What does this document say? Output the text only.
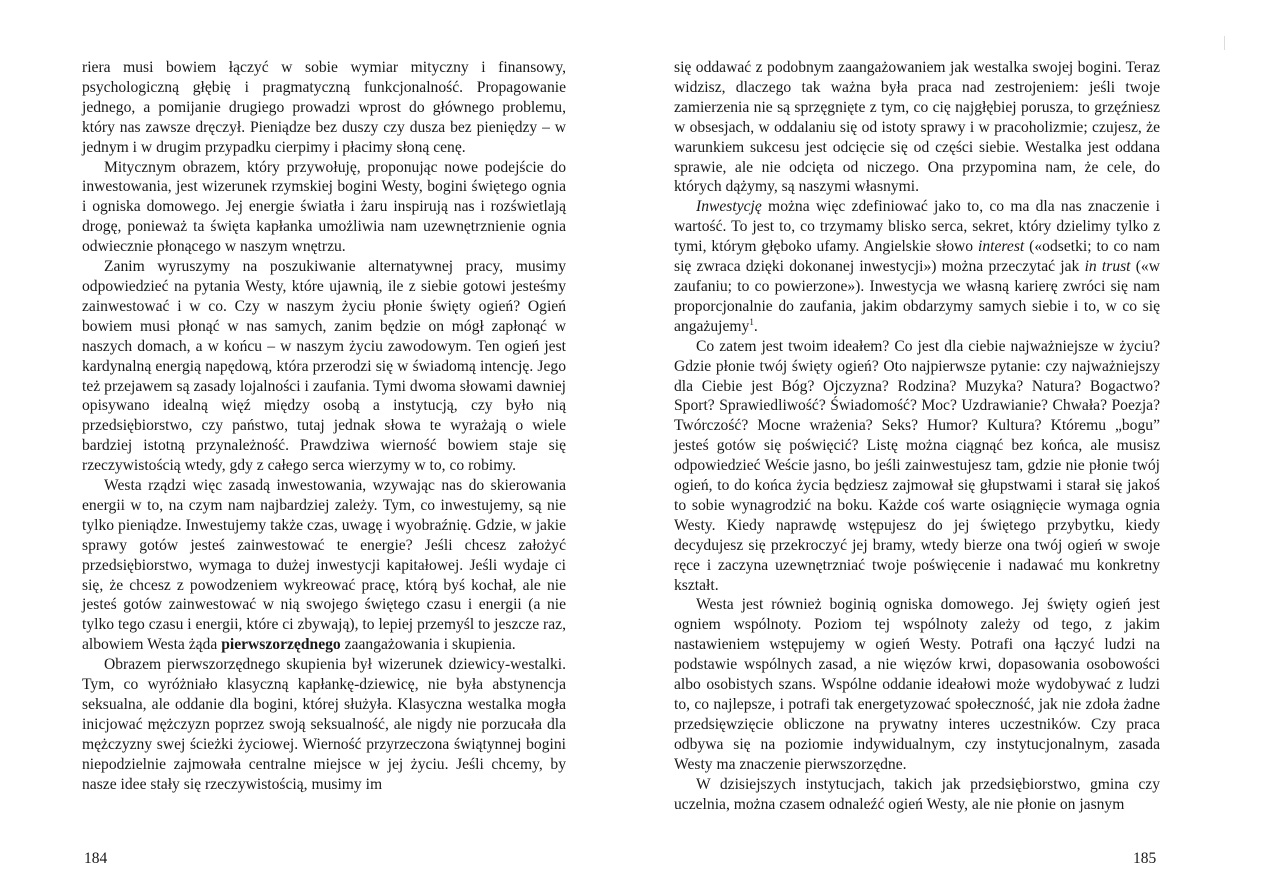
riera musi bowiem łączyć w sobie wymiar mityczny i finansowy, psychologiczną głębię i pragmatyczną funkcjonalność. Propagowanie jednego, a pomijanie drugiego prowadzi wprost do głównego problemu, który nas zawsze dręczył. Pieniądze bez duszy czy dusza bez pieniędzy – w jednym i w drugim przypadku cierpimy i płacimy słoną cenę.

Mitycznym obrazem, który przywołuję, proponując nowe podejście do inwestowania, jest wizerunek rzymskiej bogini Westy, bogini świętego ognia i ogniska domowego. Jej energie światła i żaru inspirują nas i rozświetlają drogę, ponieważ ta święta kapłanka umożliwia nam uzewnętrznienie ognia odwiecznie płonącego w naszym wnętrzu.

Zanim wyruszymy na poszukiwanie alternatywnej pracy, musimy odpowiedzieć na pytania Westy, które ujawnią, ile z siebie gotowi jesteśmy zainwestować i w co. Czy w naszym życiu płonie święty ogień? Ogień bowiem musi płonąć w nas samych, zanim będzie on mógł zapłonąć w naszych domach, a w końcu – w naszym życiu zawodowym. Ten ogień jest kardynalną energią napędową, która przerodzi się w świadomą intencję. Jego też przejawem są zasady lojalności i zaufania. Tymi dwoma słowami dawniej opisywano idealną więź między osobą a instytucją, czy było nią przedsiębiorstwo, czy państwo, tutaj jednak słowa te wyrażają o wiele bardziej istotną przynależność. Prawdziwa wierność bowiem staje się rzeczywistością wtedy, gdy z całego serca wierzymy w to, co robimy.

Westa rządzi więc zasadą inwestowania, wzywając nas do skierowania energii w to, na czym nam najbardziej zależy. Tym, co inwestujemy, są nie tylko pieniądze. Inwestujemy także czas, uwagę i wyobraźnię. Gdzie, w jakie sprawy gotów jesteś zainwestować te energie? Jeśli chcesz założyć przedsiębiorstwo, wymaga to dużej inwestycji kapitałowej. Jeśli wydaje ci się, że chcesz z powodzeniem wykreować pracę, którą byś kochał, ale nie jesteś gotów zainwestować w nią swojego świętego czasu i energii (a nie tylko tego czasu i energii, które ci zbywają), to lepiej przemyśl to jeszcze raz, albowiem Westa żąda pierwszorzędnego zaangażowania i skupienia.

Obrazem pierwszorzędnego skupienia był wizerunek dziewicy-westalki. Tym, co wyróżniało klasyczną kapłankę-dziewicę, nie była abstynencja seksualna, ale oddanie dla bogini, której służyła. Klasyczna westalka mogła inicjować mężczyzn poprzez swoją seksualność, ale nigdy nie porzucała dla mężczyzny swej ścieżki życiowej. Wierność przyrzeczona świątynnej bogini niepodzielnie zajmowała centralne miejsce w jej życiu. Jeśli chcemy, by nasze idee stały się rzeczywistością, musimy im

184

się oddawać z podobnym zaangażowaniem jak westalka swojej bogini. Teraz widzisz, dlaczego tak ważna była praca nad zestrojeniem: jeśli twoje zamierzenia nie są sprzęgnięte z tym, co cię najgłębiej porusza, to grzęźniesz w obsesjach, w oddalaniu się od istoty sprawy i w pracoholizmie; czujesz, że warunkiem sukcesu jest odcięcie się od części siebie. Westalka jest oddana sprawie, ale nie odcięta od niczego. Ona przypomina nam, że cele, do których dążymy, są naszymi własnymi.

Inwestycję można więc zdefiniować jako to, co ma dla nas znaczenie i wartość. To jest to, co trzymamy blisko serca, sekret, który dzielimy tylko z tymi, którym głęboko ufamy. Angielskie słowo interest («odsetki; to co nam się zwraca dzięki dokonanej inwestycji») można przeczytać jak in trust («w zaufaniu; to co powierzone»). Inwestycja we własną karierę zwróci się nam proporcjonalnie do zaufania, jakim obdarzymy samych siebie i to, w co się angażujemy$^1$.

Co zatem jest twoim ideałem? Co jest dla ciebie najważniejsze w życiu? Gdzie płonie twój święty ogień? Oto najpierwsze pytanie: czy najważniejszy dla Ciebie jest Bóg? Ojczyzna? Rodzina? Muzyka? Natura? Bogactwo? Sport? Sprawiedliwość? Świadomość? Moc? Uzdrawianie? Chwała? Poezja? Twórczość? Mocne wrażenia? Seks? Humor? Kultura? Któremu „bogu” jesteś gotów się poświęcić? Listę można ciągnąć bez końca, ale musisz odpowiedzieć Weście jasno, bo jeśli zainwestujesz tam, gdzie nie płonie twój ogień, to do końca życia będziesz zajmował się głupstwami i starał się jakoś to sobie wynagrodzić na boku. Każde coś warte osiągnięcie wymaga ognia Westy. Kiedy naprawdę wstępujesz do jej świętego przybytku, kiedy decydujesz się przekroczyć jej bramy, wtedy bierze ona twój ogień w swoje ręce i zaczyna uzewnętrzniać twoje poświęcenie i nadawać mu konkretny kształt.

Westa jest również boginią ogniska domowego. Jej święty ogień jest ogniem wspólnoty. Poziom tej wspólnoty zależy od tego, z jakim nastawieniem wstępujemy w ogień Westy. Potrafi ona łączyć ludzi na podstawie wspólnych zasad, a nie więzów krwi, dopasowania osobowości albo osobistych szans. Wspólne oddanie ideałowi może wydobywać z ludzi to, co najlepsze, i potrafi tak energetyzować społeczność, jak nie zdoła żadne przedsięwzięcie obliczone na prywatny interes uczestników. Czy praca odbywa się na poziomie indywidualnym, czy instytucjonalnym, zasada Westy ma znaczenie pierwszorzędne.

W dzisiejszych instytucjach, takich jak przedsiębiorstwo, gmina czy uczelnia, można czasem odnaleźć ogień Westy, ale nie płonie on jasnym

185
